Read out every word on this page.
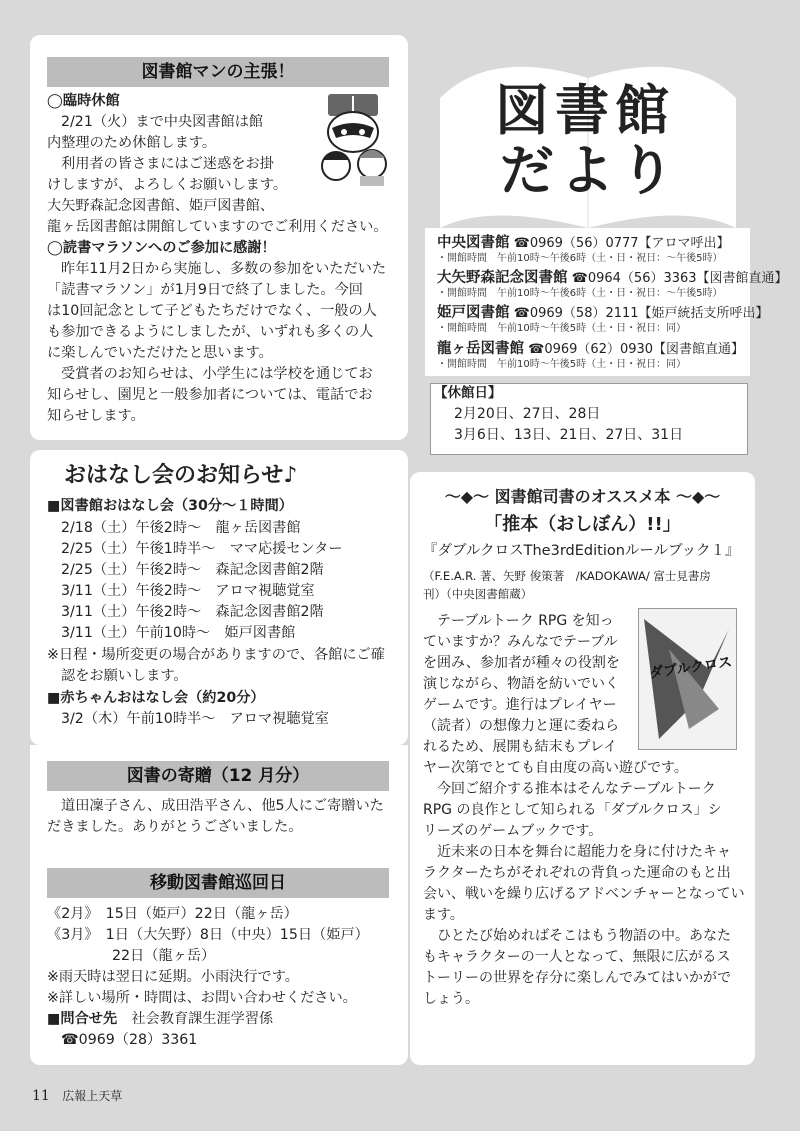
図書館マンの主張！
◯臨時休館
2/21（火）まで中央図書館は館
内整理のため休館します。
利用者の皆さまにはご迷惑をお掛
けしますが、よろしくお願いします。
大矢野森記念図書館、姫戸図書館、
龍ヶ岳図書館は開館していますのでご利用ください。
◯読書マラソンへのご参加に感謝！
昨年11月2日から実施し、多数の参加をいただいた
「読書マラソン」が1月9日で終了しました。今回
は10回記念として子どもたちだけでなく、一般の人
も参加できるようにしましたが、いずれも多くの人
に楽しんでいただけたと思います。
受賞者のお知らせは、小学生には学校を通じてお
知らせし、園児と一般参加者については、電話でお
知らせします。
図書館
だより
中央図書館 ☎0969（56）0777【アロマ呼出】
・開館時間　午前10時〜午後6時（土・日・祝日：〜午後5時）
大矢野森記念図書館 ☎0964（56）3363【図書館直通】
・開館時間　午前10時〜午後6時（土・日・祝日：〜午後5時）
姫戸図書館 ☎0969（58）2111【姫戸統括支所呼出】
・開館時間　午前10時〜午後5時（土・日・祝日：同）
龍ヶ岳図書館 ☎0969（62）0930【図書館直通】
・開館時間　午前10時〜午後5時（土・日・祝日：同）
【休館日】
2月20日、27日、28日
3月6日、13日、21日、27日、31日
おはなし会のお知らせ♪
■図書館おはなし会（30分〜１時間）
2/18（土）午後2時〜　龍ヶ岳図書館
2/25（土）午後1時半〜　ママ応援センター
2/25（土）午後2時〜　森記念図書館2階
3/11（土）午後2時〜　アロマ視聴覚室
3/11（土）午後2時〜　森記念図書館2階
3/11（土）午前10時〜　姫戸図書館
※日程・場所変更の場合がありますので、各館にご確
認をお願いします。
■赤ちゃんおはなし会（約20分）
3/2（木）午前10時半〜　アロマ視聴覚室
図書の寄贈（12 月分）
道田凜子さん、成田浩平さん、他5人にご寄贈いた
だきました。ありがとうございました。
移動図書館巡回日
《2月》　15日（姫戸）22日（龍ヶ岳）
《3月》　1日（大矢野）8日（中央）15日（姫戸）
22日（龍ヶ岳）
※雨天時は翌日に延期。小雨決行です。
※詳しい場所・時間は、お問い合わせください。
■問合せ先　 社会教育課生涯学習係
☎0969（28）3361
～◆～ 図書館司書のオススメ本 ～◆～
「推本（おしぼん）!!」
『ダブルクロスThe3rdEditionルールブック１』
（F.E.A.R. 著、矢野 俊策著　/KADOKAWA/ 富士見書房
刊）（中央図書館蔵）
ダブルクロス
テーブルトーク RPG を知っ
ていますか？みんなでテーブル
を囲み、参加者が種々の役割を
演じながら、物語を紡いでいく
ゲームです。進行はプレイヤー
（読者）の想像力と運に委ねら
れるため、展開も結末もプレイ
ヤー次第でとても自由度の高い遊びです。
今回ご紹介する推本はそんなテーブルトーク
RPG の良作として知られる「ダブルクロス」シ
リーズのゲームブックです。
近未来の日本を舞台に超能力を身に付けたキャ
ラクターたちがそれぞれの背負った運命のもと出
会い、戦いを繰り広げるアドベンチャーとなってい
ます。
ひとたび始めればそこはもう物語の中。あなた
もキャラクターの一人となって、無限に広がるス
トーリーの世界を存分に楽しんでみてはいかがで
しょう。
11 広報上天草
